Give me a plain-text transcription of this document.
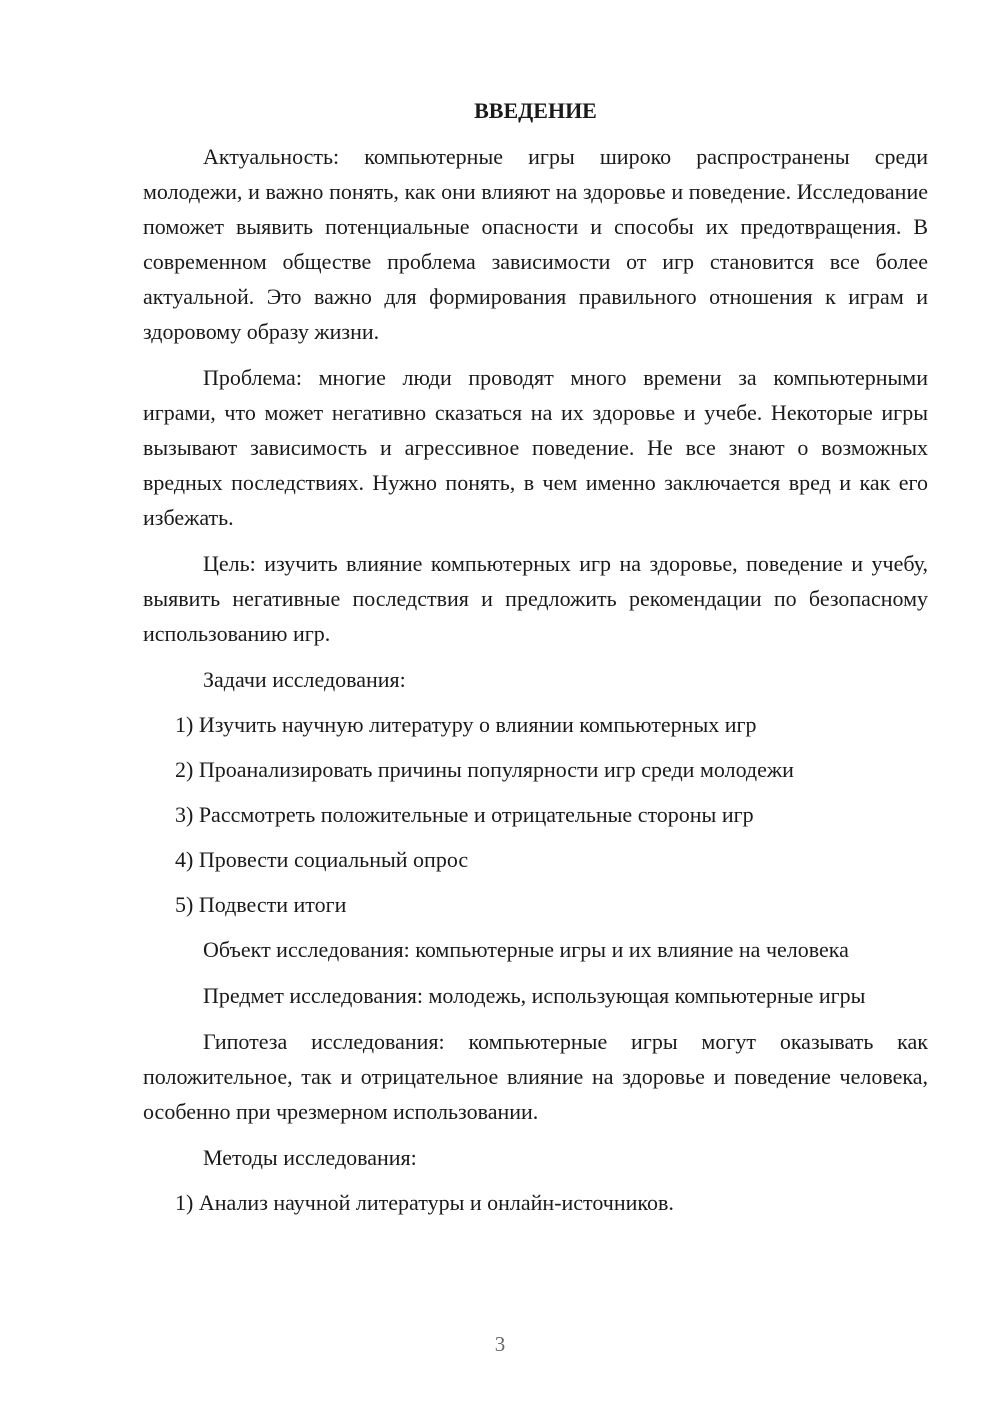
ВВЕДЕНИЕ

Актуальность: компьютерные игры широко распространены среди молодежи, и важно понять, как они влияют на здоровье и поведение. Исследование поможет выявить потенциальные опасности и способы их предотвращения. В современном обществе проблема зависимости от игр становится все более актуальной. Это важно для формирования правильного отношения к играм и здоровому образу жизни.

Проблема: многие люди проводят много времени за компьютерными играми, что может негативно сказаться на их здоровье и учебе. Некоторые игры вызывают зависимость и агрессивное поведение. Не все знают о возможных вредных последствиях. Нужно понять, в чем именно заключается вред и как его избежать.

Цель: изучить влияние компьютерных игр на здоровье, поведение и учебу, выявить негативные последствия и предложить рекомендации по безопасному использованию игр.

Задачи исследования:

1) Изучить научную литературу о влиянии компьютерных игр

2) Проанализировать причины популярности игр среди молодежи

3) Рассмотреть положительные и отрицательные стороны игр

4) Провести социальный опрос

5) Подвести итоги

Объект исследования: компьютерные игры и их влияние на человека

Предмет исследования: молодежь, использующая компьютерные игры

Гипотеза исследования: компьютерные игры могут оказывать как положительное, так и отрицательное влияние на здоровье и поведение человека, особенно при чрезмерном использовании.

Методы исследования:

1) Анализ научной литературы и онлайн-источников.

3
